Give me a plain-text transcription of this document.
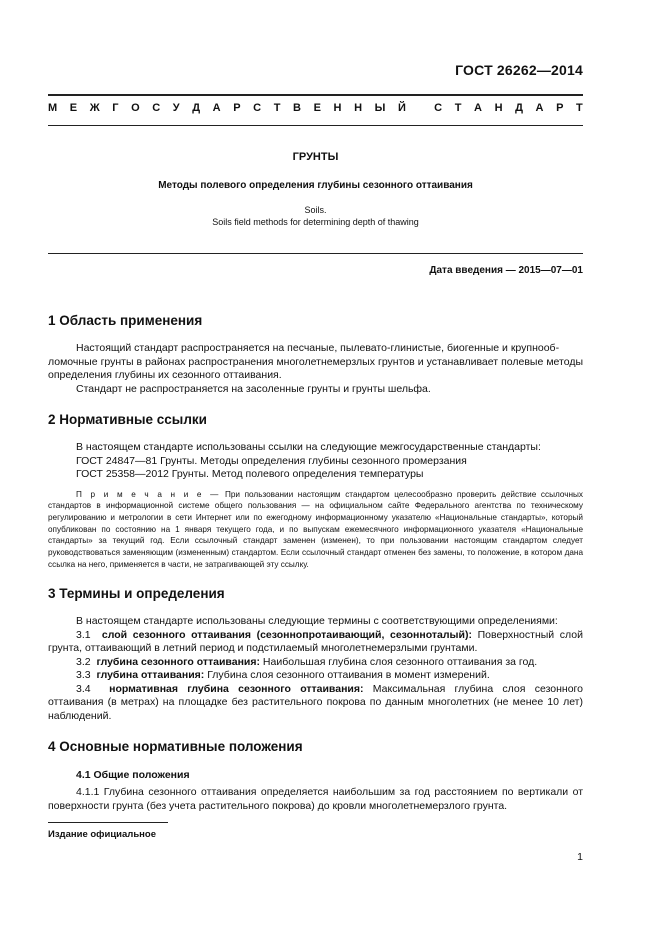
ГОСТ 26262—2014
М Е Ж Г О С У Д А Р С Т В Е Н Н Ы Й
	С Т А Н Д А Р Т
ГРУНТЫ
Методы полевого определения глубины сезонного оттаивания
Soils.
Soils field methods for determining depth of thawing
Дата введения — 2015—07—01
1 Область применения

Настоящий стандарт распространяется на песчаные, пылевато-глинистые, биогенные и крупнооб-

ломочные грунты в районах распространения многолетнемерзлых грунтов и устанавливает полевые методы определения глубины их сезонного оттаивания.

Стандарт не распространяется на засоленные грунты и грунты шельфа.

2 Нормативные ссылки

В настоящем стандарте использованы ссылки на следующие межгосударственные стандарты:

ГОСТ 24847—81 Грунты. Методы определения глубины сезонного промерзания

ГОСТ 25358—2012 Грунты. Метод полевого определения температуры

П р и м е ч а н и е — При пользовании настоящим стандартом целесообразно проверить действие ссылочных стандартов в информационной системе общего пользования — на официальном сайте Федерального агентства по техническому регулированию и метрологии в сети Интернет или по ежегодному информационному указателю «Национальные стандарты», который опубликован по состоянию на 1 января текущего года, и по выпускам ежемесячного информационного указателя «Национальные стандарты» за текущий год. Если ссылочный стандарт заменен (изменен), то при пользовании настоящим стандартом следует руководствоваться заменяющим (измененным) стандартом. Если ссылочный стандарт отменен без замены, то положение, в котором дана ссылка на него, применяется в части, не затрагивающей эту ссылку.

3 Термины и определения

В настоящем стандарте использованы следующие термины с соответствующими определениями:

3.1 слой сезонного оттаивания (сезоннопротаивающий, сезонноталый): Поверхностный слой грунта, оттаивающий в летний период и подстилаемый многолетнемерзлыми грунтами.

3.2 глубина сезонного оттаивания: Наибольшая глубина слоя сезонного оттаивания за год.

3.3 глубина оттаивания: Глубина слоя сезонного оттаивания в момент измерений.

3.4 нормативная глубина сезонного оттаивания: Максимальная глубина слоя сезонного оттаивания (в метрах) на площадке без растительного покрова по данным многолетних (не менее 10 лет) наблюдений.

4 Основные нормативные положения
4.1 Общие положения

4.1.1 Глубина сезонного оттаивания определяется наибольшим за год расстоянием по вертикали от поверхности грунта (без учета растительного покрова) до кровли многолетнемерзлого грунта.

Издание официальное
1
